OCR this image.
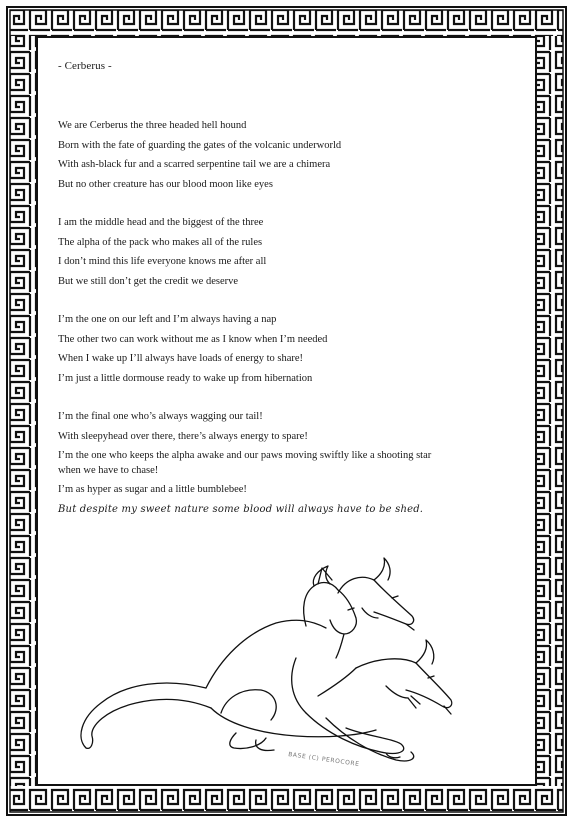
- Cerberus -
We are Cerberus the three headed hell hound
Born with the fate of guarding the gates of the volcanic underworld
With ash-black fur and a scarred serpentine tail we are a chimera
But no other creature has our blood moon like eyes
I am the middle head and the biggest of the three
The alpha of the pack who makes all of the rules
I don’t mind this life everyone knows me after all
But we still don’t get the credit we deserve
I’m the one on our left and I’m always having a nap
The other two can work without me as I know when I’m needed
When I wake up I’ll always have loads of energy to share!
I’m just a little dormouse ready to wake up from hibernation
I’m the final one who’s always wagging our tail!
With sleepyhead over there, there’s always energy to spare!
I’m the one who keeps the alpha awake and our paws moving swiftly like a shooting star
when we have to chase!
I’m as hyper as sugar and a little bumblebee!
But despite my sweet nature some blood will always have to be shed.
BASE (C) PEROCORE
